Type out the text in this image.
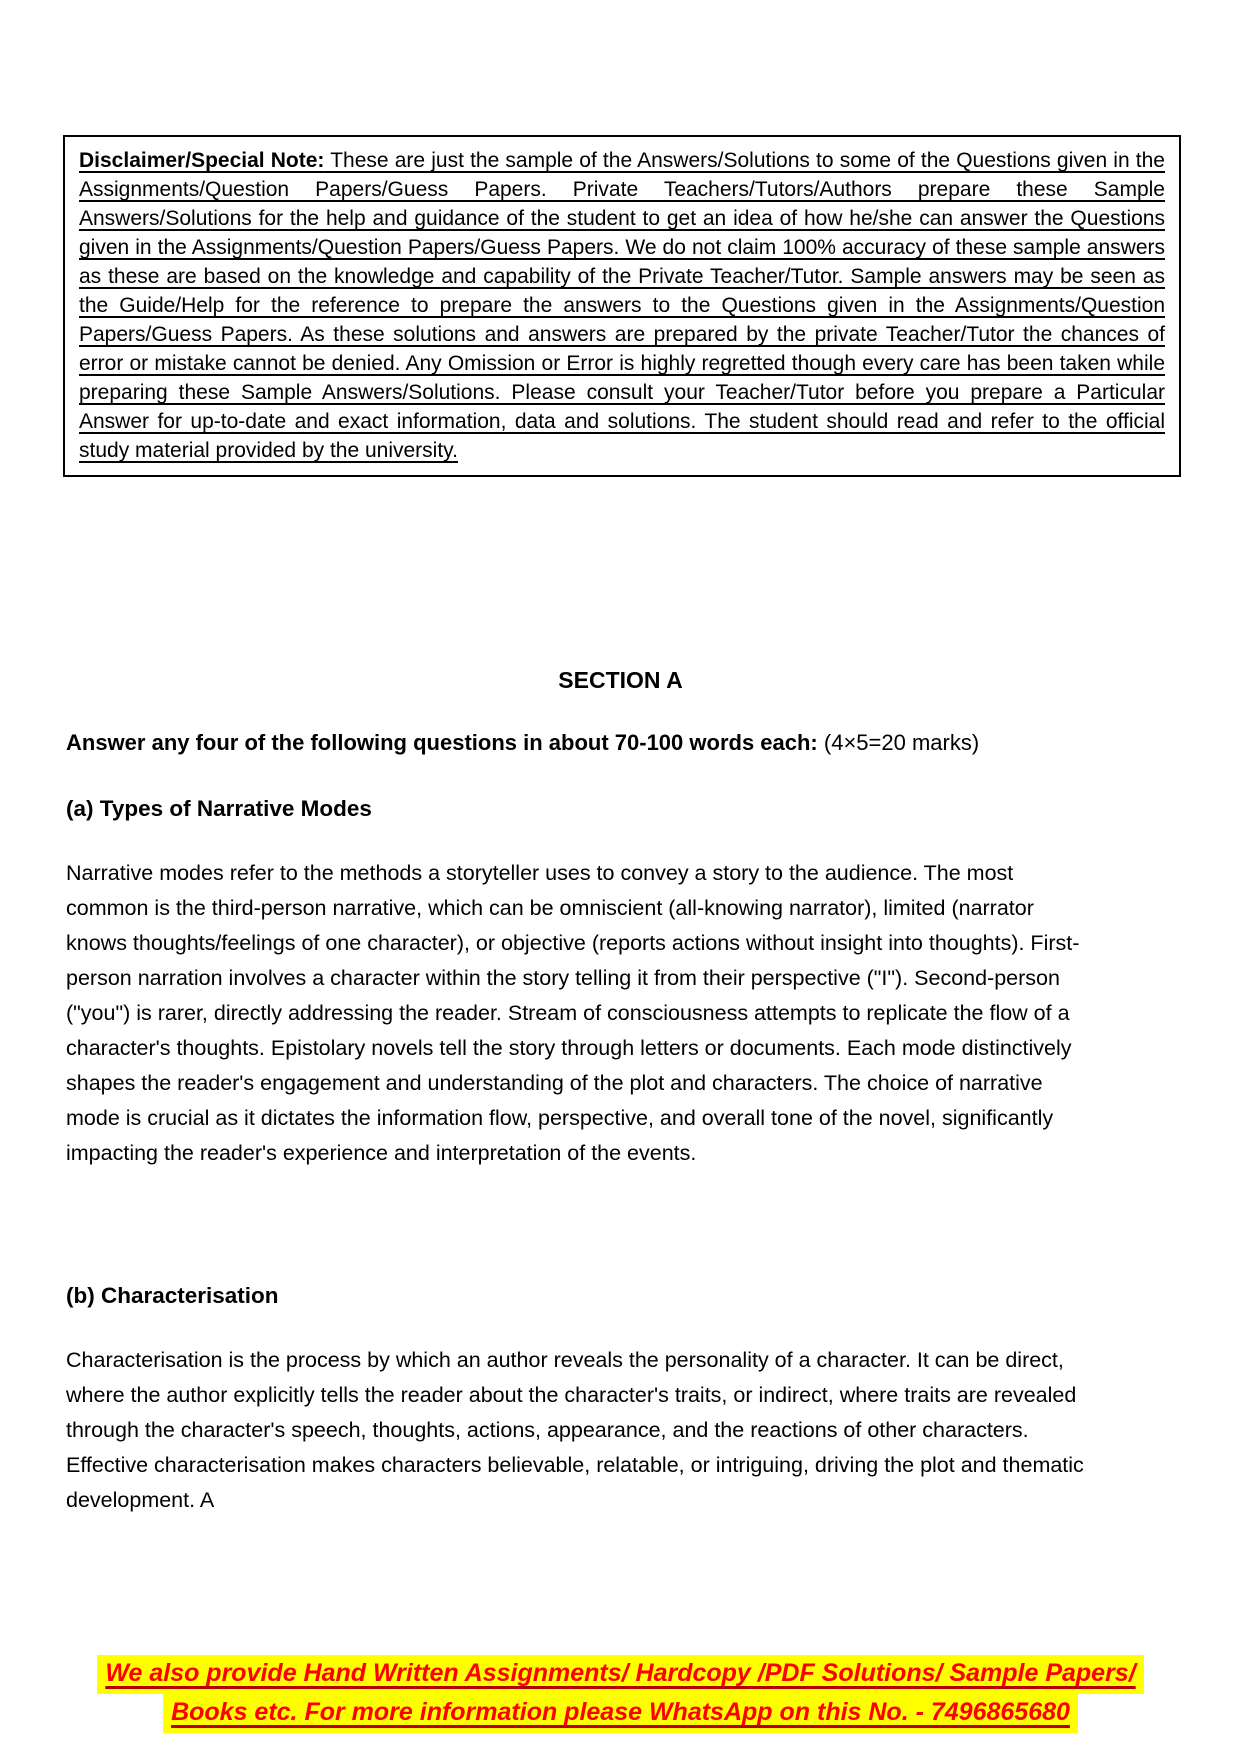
Disclaimer/Special Note: These are just the sample of the Answers/Solutions to some of the Questions given in the Assignments/Question Papers/Guess Papers. Private Teachers/Tutors/Authors prepare these Sample Answers/Solutions for the help and guidance of the student to get an idea of how he/she can answer the Questions given in the Assignments/Question Papers/Guess Papers. We do not claim 100% accuracy of these sample answers as these are based on the knowledge and capability of the Private Teacher/Tutor. Sample answers may be seen as the Guide/Help for the reference to prepare the answers to the Questions given in the Assignments/Question Papers/Guess Papers. As these solutions and answers are prepared by the private Teacher/Tutor the chances of error or mistake cannot be denied. Any Omission or Error is highly regretted though every care has been taken while preparing these Sample Answers/Solutions. Please consult your Teacher/Tutor before you prepare a Particular Answer for up-to-date and exact information, data and solutions. The student should read and refer to the official study material provided by the university.
SECTION A
Answer any four of the following questions in about 70-100 words each: (4×5=20 marks)
(a) Types of Narrative Modes
Narrative modes refer to the methods a storyteller uses to convey a story to the audience. The most common is the third-person narrative, which can be omniscient (all-knowing narrator), limited (narrator knows thoughts/feelings of one character), or objective (reports actions without insight into thoughts). First-person narration involves a character within the story telling it from their perspective ("I"). Second-person ("you") is rarer, directly addressing the reader. Stream of consciousness attempts to replicate the flow of a character's thoughts. Epistolary novels tell the story through letters or documents. Each mode distinctively shapes the reader's engagement and understanding of the plot and characters. The choice of narrative mode is crucial as it dictates the information flow, perspective, and overall tone of the novel, significantly impacting the reader's experience and interpretation of the events.
(b) Characterisation
Characterisation is the process by which an author reveals the personality of a character. It can be direct, where the author explicitly tells the reader about the character's traits, or indirect, where traits are revealed through the character's speech, thoughts, actions, appearance, and the reactions of other characters. Effective characterisation makes characters believable, relatable, or intriguing, driving the plot and thematic development. A
We also provide Hand Written Assignments/ Hardcopy /PDF Solutions/ Sample Papers/
Books etc. For more information please WhatsApp on this No. - 7496865680
